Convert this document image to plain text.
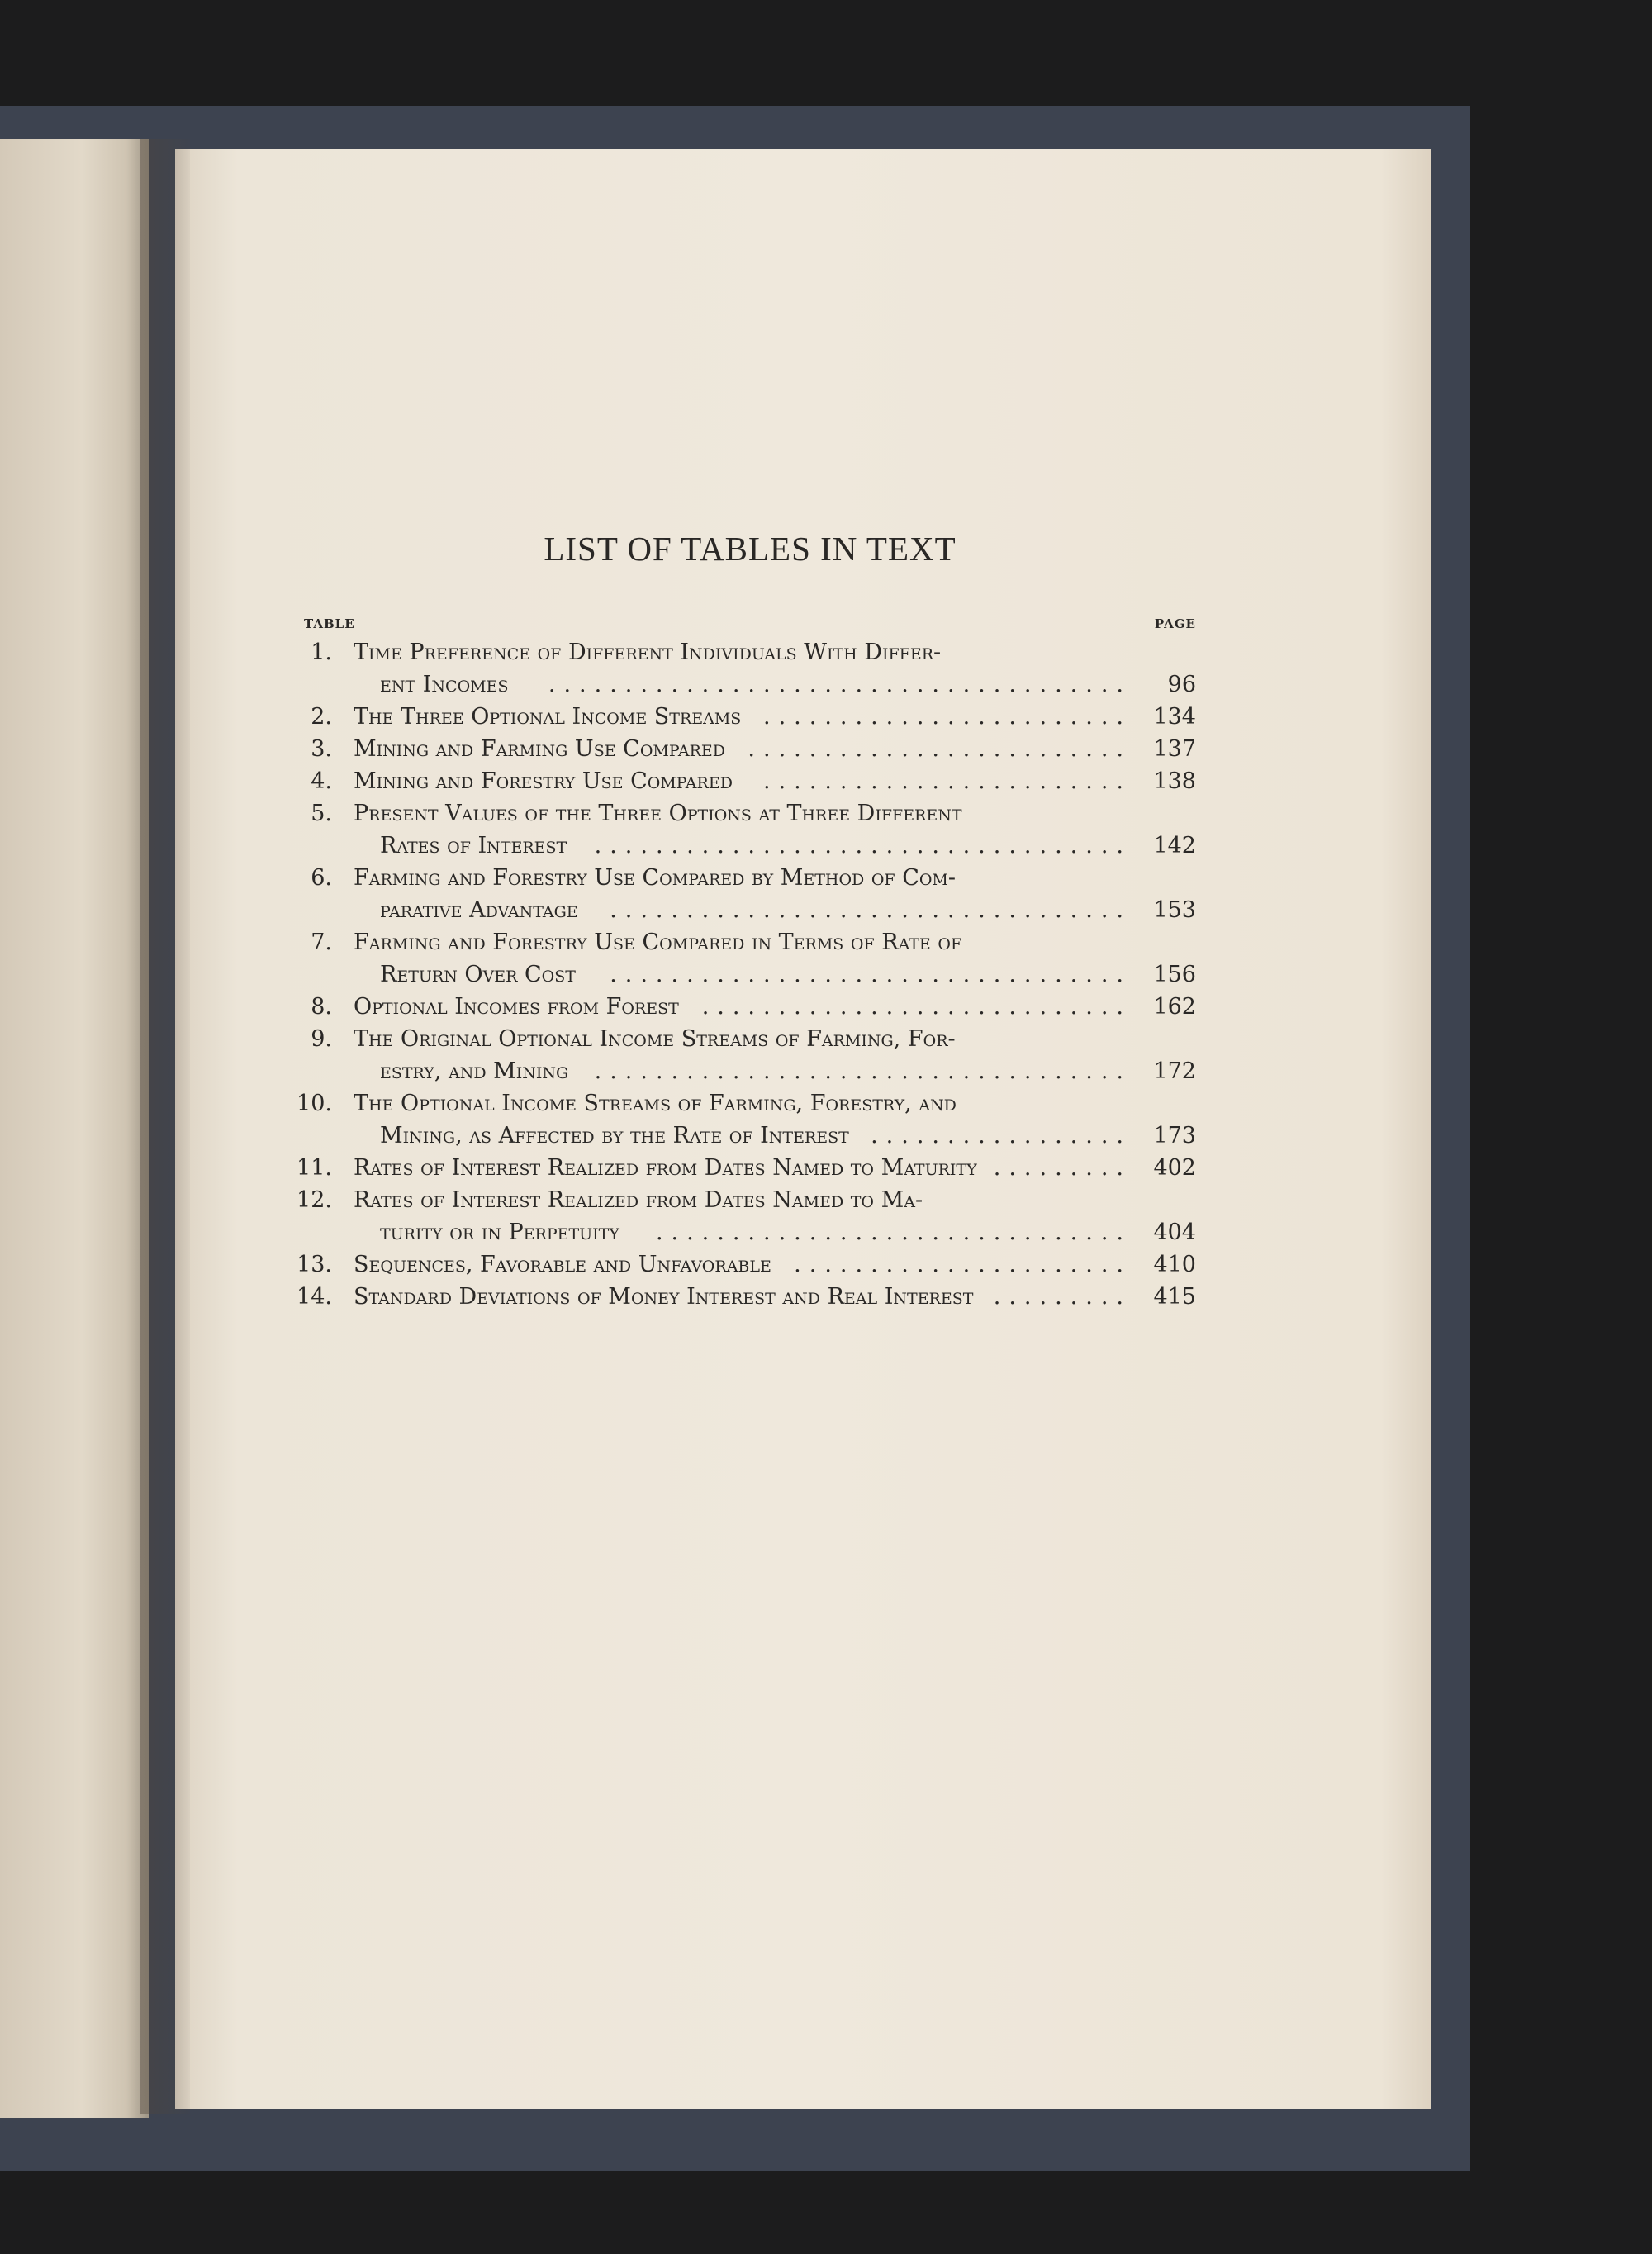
LIST OF TABLES IN TEXT
TABLE	PAGE
1. Time Preference of Different Individuals With Differ-
ent Incomes ...................................... 96
2. The Three Optional Income Streams ........................ 134
3. Mining and Farming Use Compared ......................... 137
4. Mining and Forestry Use Compared ........................ 138
5. Present Values of the Three Options at Three Different
Rates of Interest ................................... 142
6. Farming and Forestry Use Compared by Method of Com-
parative Advantage .................................. 153
7. Farming and Forestry Use Compared in Terms of Rate of
Return Over Cost .................................. 156
8. Optional Incomes from Forest ............................ 162
9. The Original Optional Income Streams of Farming, For-
estry, and Mining ................................... 172
10. The Optional Income Streams of Farming, Forestry, and
Mining, as Affected by the Rate of Interest ................. 173
11. Rates of Interest Realized from Dates Named to Maturity ......... 402
12. Rates of Interest Realized from Dates Named to Ma-
turity or in Perpetuity ............................... 404
13. Sequences, Favorable and Unfavorable ...................... 410
14. Standard Deviations of Money Interest and Real Interest ......... 415
